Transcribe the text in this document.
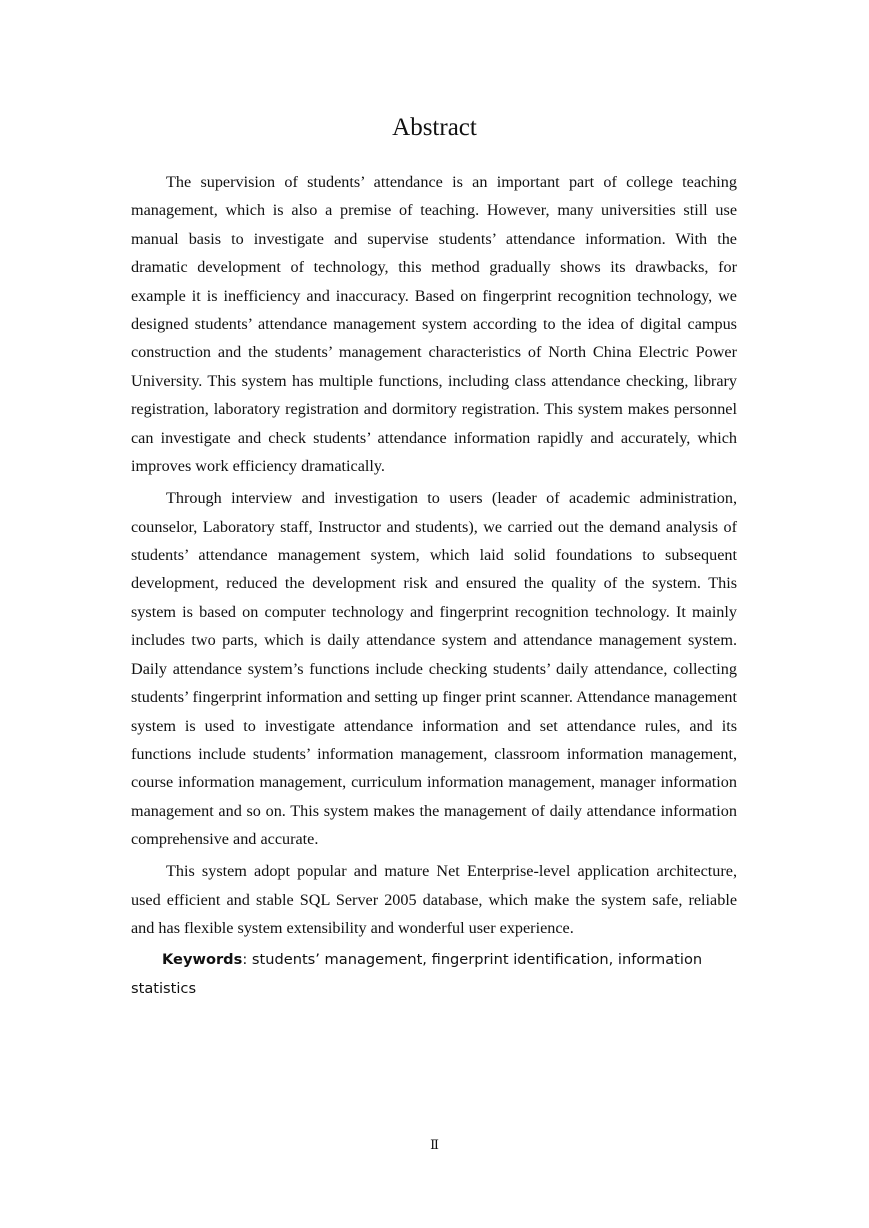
Abstract

The supervision of students’ attendance is an important part of college teaching management, which is also a premise of teaching. However, many universities still use manual basis to investigate and supervise students’ attendance information. With the dramatic development of technology, this method gradually shows its drawbacks, for example it is inefficiency and inaccuracy. Based on fingerprint recognition technology, we designed students’ attendance management system according to the idea of digital campus construction and the students’ management characteristics of North China Electric Power University. This system has multiple functions, including class attendance checking, library registration, laboratory registration and dormitory registration. This system makes personnel can investigate and check students’ attendance information rapidly and accurately, which improves work efficiency dramatically.

Through interview and investigation to users (leader of academic administration, counselor, Laboratory staff, Instructor and students), we carried out the demand analysis of students’ attendance management system, which laid solid foundations to subsequent development, reduced the development risk and ensured the quality of the system. This system is based on computer technology and fingerprint recognition technology. It mainly includes two parts, which is daily attendance system and attendance management system. Daily attendance system’s functions include checking students’ daily attendance, collecting students’ fingerprint information and setting up finger print scanner. Attendance management system is used to investigate attendance information and set attendance rules, and its functions include students’ information management, classroom information management, course information management, curriculum information management, manager information management and so on. This system makes the management of daily attendance information comprehensive and accurate.

This system adopt popular and mature Net Enterprise-level application architecture, used efficient and stable SQL Server 2005 database, which make the system safe, reliable and has flexible system extensibility and wonderful user experience.

Keywords: students’ management, fingerprint identification, information statistics

Ⅱ
